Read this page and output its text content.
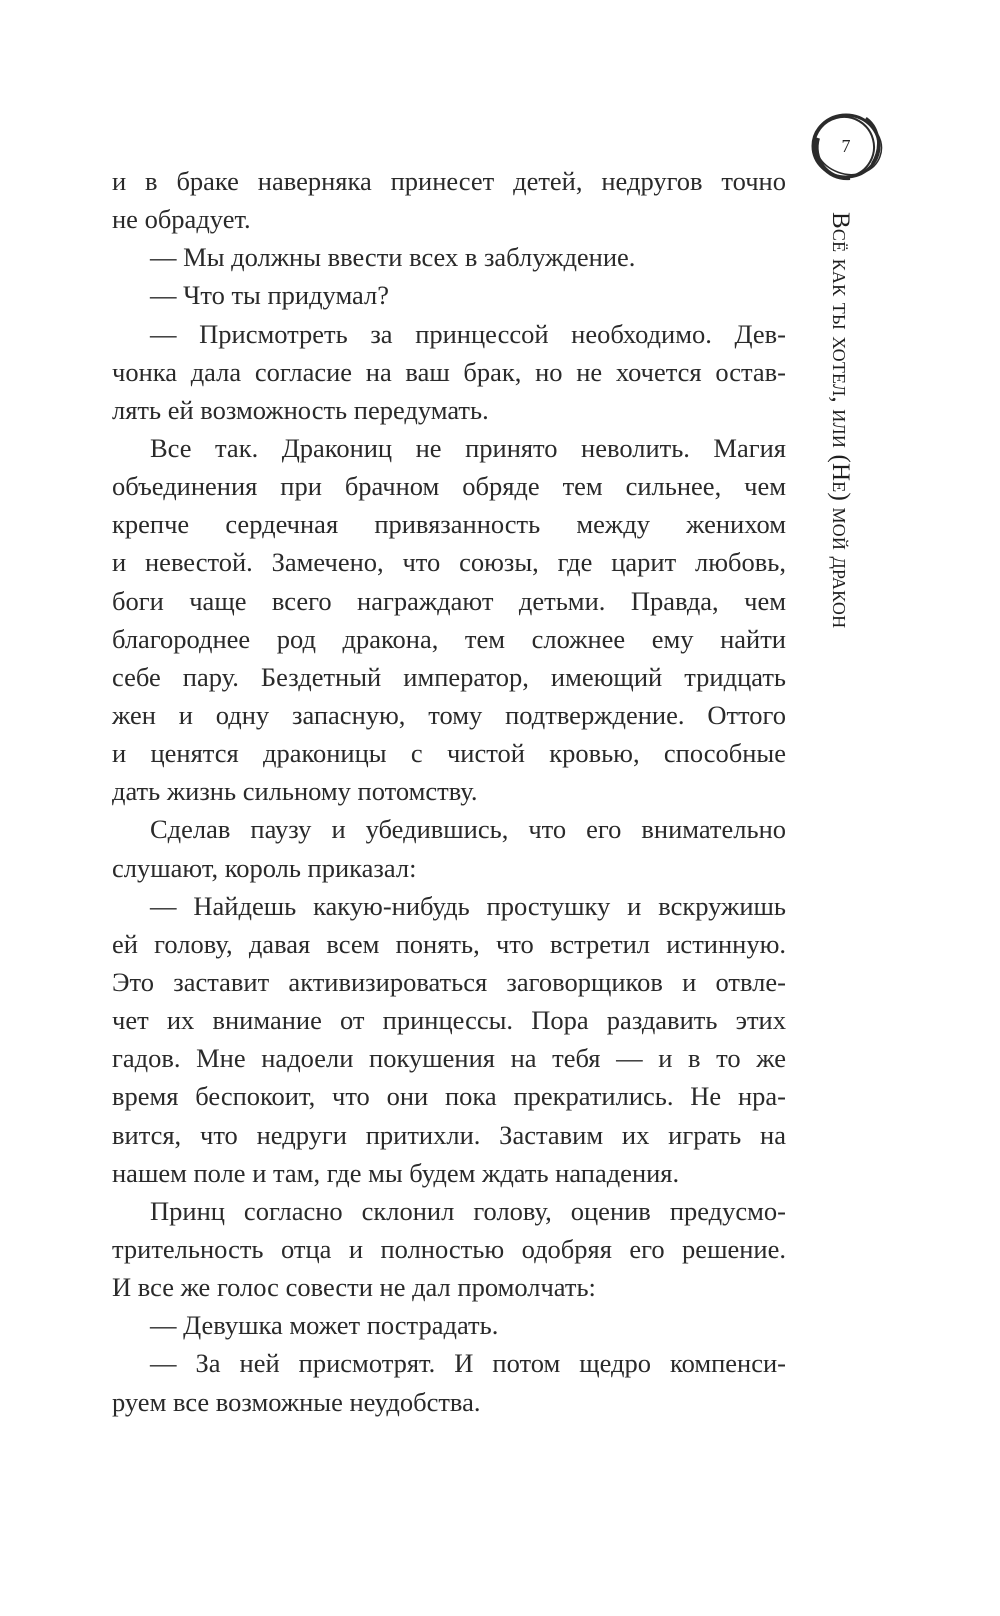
7
Всё как ты хотел, или (Не) мой дракон
и в браке наверняка принесет детей, недругов точно
не обрадует.
— Мы должны ввести всех в заблуждение.
— Что ты придумал?
— Присмотреть за принцессой необходимо. Дев-
чонка дала согласие на ваш брак, но не хочется остав-
лять ей возможность передумать.
Все так. Дракониц не принято неволить. Магия
объединения при брачном обряде тем сильнее, чем
крепче сердечная привязанность между женихом
и невестой. Замечено, что союзы, где царит любовь,
боги чаще всего награждают детьми. Правда, чем
благороднее род дракона, тем сложнее ему найти
себе пару. Бездетный император, имеющий тридцать
жен и одну запасную, тому подтверждение. Оттого
и ценятся драконицы с чистой кровью, способные
дать жизнь сильному потомству.
Сделав паузу и убедившись, что его внимательно
слушают, король приказал:
— Найдешь какую-нибудь простушку и вскружишь
ей голову, давая всем понять, что встретил истинную.
Это заставит активизироваться заговорщиков и отвле-
чет их внимание от принцессы. Пора раздавить этих
гадов. Мне надоели покушения на тебя — и в то же
время беспокоит, что они пока прекратились. Не нра-
вится, что недруги притихли. Заставим их играть на
нашем поле и там, где мы будем ждать нападения.
Принц согласно склонил голову, оценив предусмо-
трительность отца и полностью одобряя его решение.
И все же голос совести не дал промолчать:
— Девушка может пострадать.
— За ней присмотрят. И потом щедро компенси-
руем все возможные неудобства.
